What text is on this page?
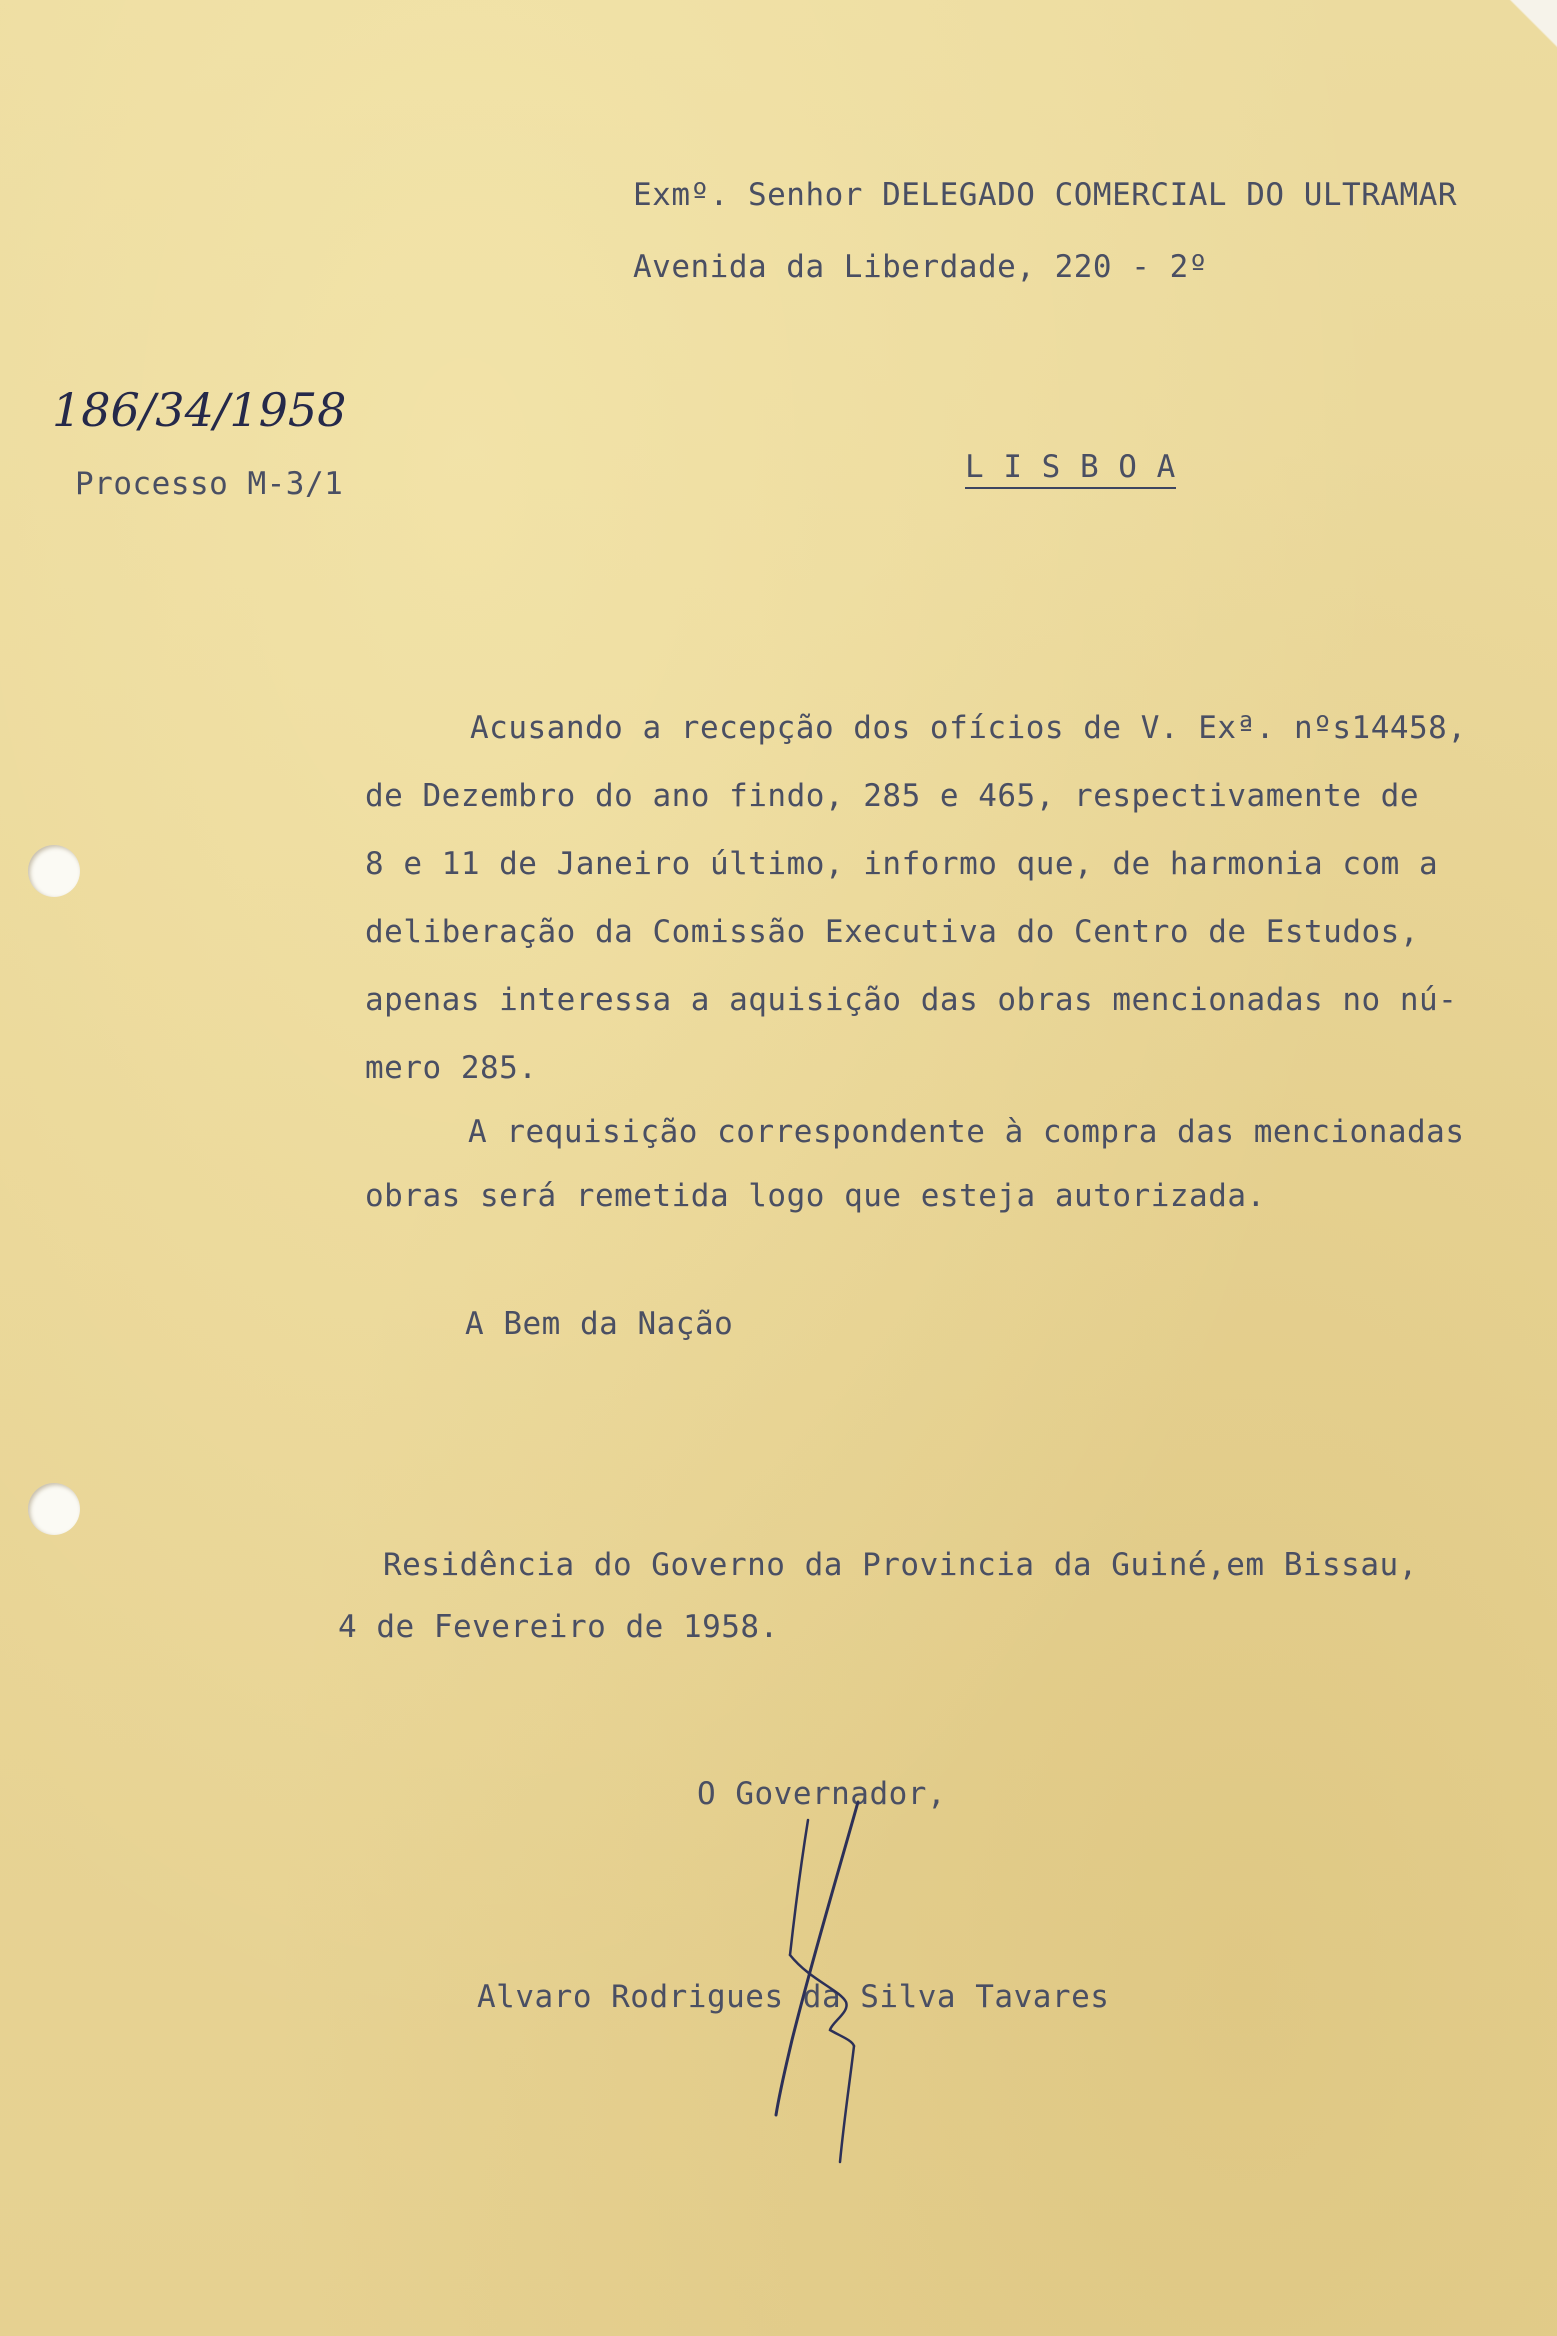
Exmº. Senhor DELEGADO COMERCIAL DO ULTRAMAR
Avenida da Liberdade, 220 - 2º
186/34/1958
Processo M-3/1	L I S B O A
Acusando a recepção dos ofícios de V. Exª. nºs14458,
de Dezembro do ano findo, 285 e 465, respectivamente de
8 e 11 de Janeiro último, informo que, de harmonia com a
deliberação da Comissão Executiva do Centro de Estudos,
apenas interessa a aquisição das obras mencionadas no nú-
mero 285.
A requisição correspondente à compra das mencionadas
obras será remetida logo que esteja autorizada.
A Bem da Nação
Residência do Governo da Provincia da Guiné,em Bissau,
4 de Fevereiro de 1958.
O Governador,
Alvaro Rodrigues da Silva Tavares
